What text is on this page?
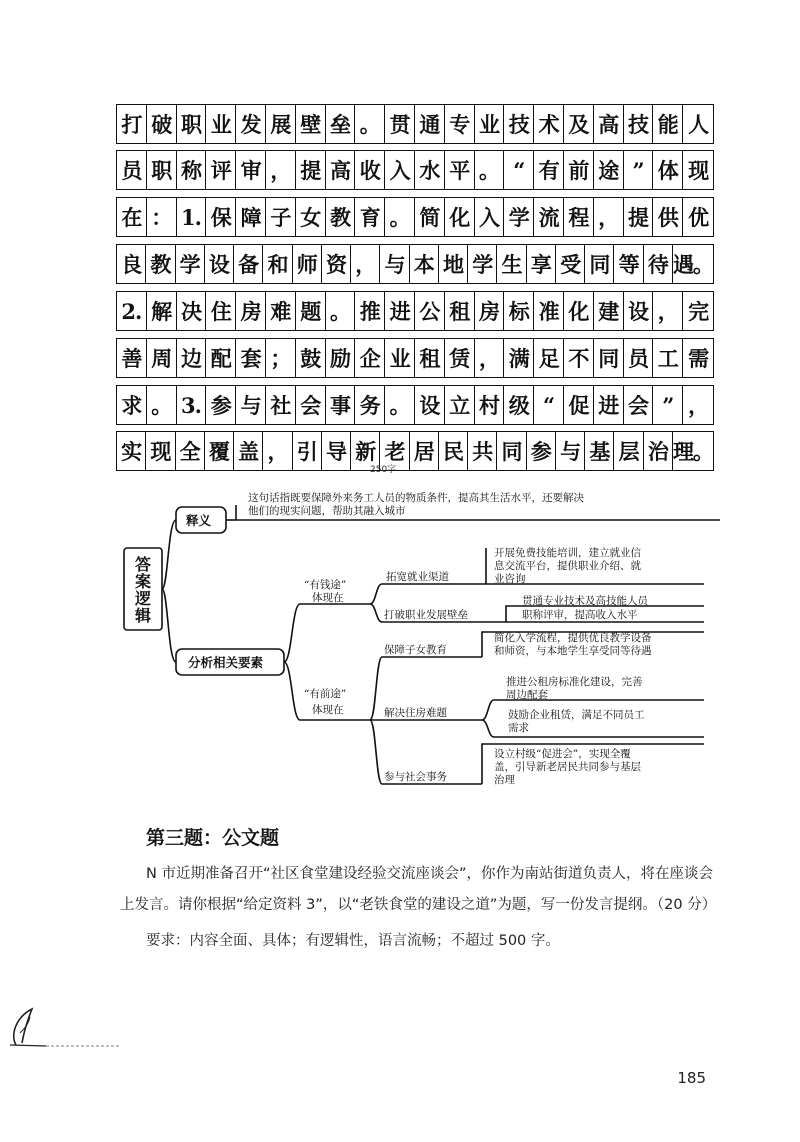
打 破 职 业 发 展 壁 垒 。 贯 通 专 业 技 术 及 高 技 能 人
员 职 称 评 审 ， 提 高 收 入 水 平 。 “ 有 前 途 ” 体 现
在 ： 1. 保 障 子 女 教 育 。 简 化 入 学 流 程 ， 提 供 优
良 教 学 设 备 和 师 资 ， 与 本 地 学 生 享 受 同 等 待 遇。
2. 解 决 住 房 难 题 。 推 进 公 租 房 标 准 化 建 设 ， 完
善 周 边 配 套 ； 鼓 励 企 业 租 赁 ， 满 足 不 同 员 工 需
求 。 3. 参 与 社 会 事 务 。 设 立 村 级 “ 促 进 会 ” ，
实 现 全 覆 盖 ， 引 导 新 老 居 民 共 同 参 与 基 层 治 理。
250字
答
案
逻
辑
释义
分析相关要素
这句话指既要保障外来务工人员的物质条件，提高其生活水平，还要解决
他们的现实问题，帮助其融入城市
“有钱途”
体现在
“有前途”
体现在
拓宽就业渠道
打破职业发展壁垒
保障子女教育
解决住房难题
参与社会事务
开展免费技能培训，建立就业信
息交流平台，提供职业介绍、就
业咨询
贯通专业技术及高技能人员
职称评审，提高收入水平
简化入学流程，提供优良教学设备
和师资，与本地学生享受同等待遇
推进公租房标准化建设，完善
周边配套
鼓励企业租赁，满足不同员工
需求
设立村级“促进会”，实现全覆
盖，引导新老居民共同参与基层
治理
第三题：公文题
N 市近期准备召开“社区食堂建设经验交流座谈会”，你作为南站街道负责人，将在座谈会
上发言。请你根据“给定资料 3”，以“老铁食堂的建设之道”为题，写一份发言提纲。（20 分）
要求：内容全面、具体；有逻辑性，语言流畅；不超过 500 字。
185
